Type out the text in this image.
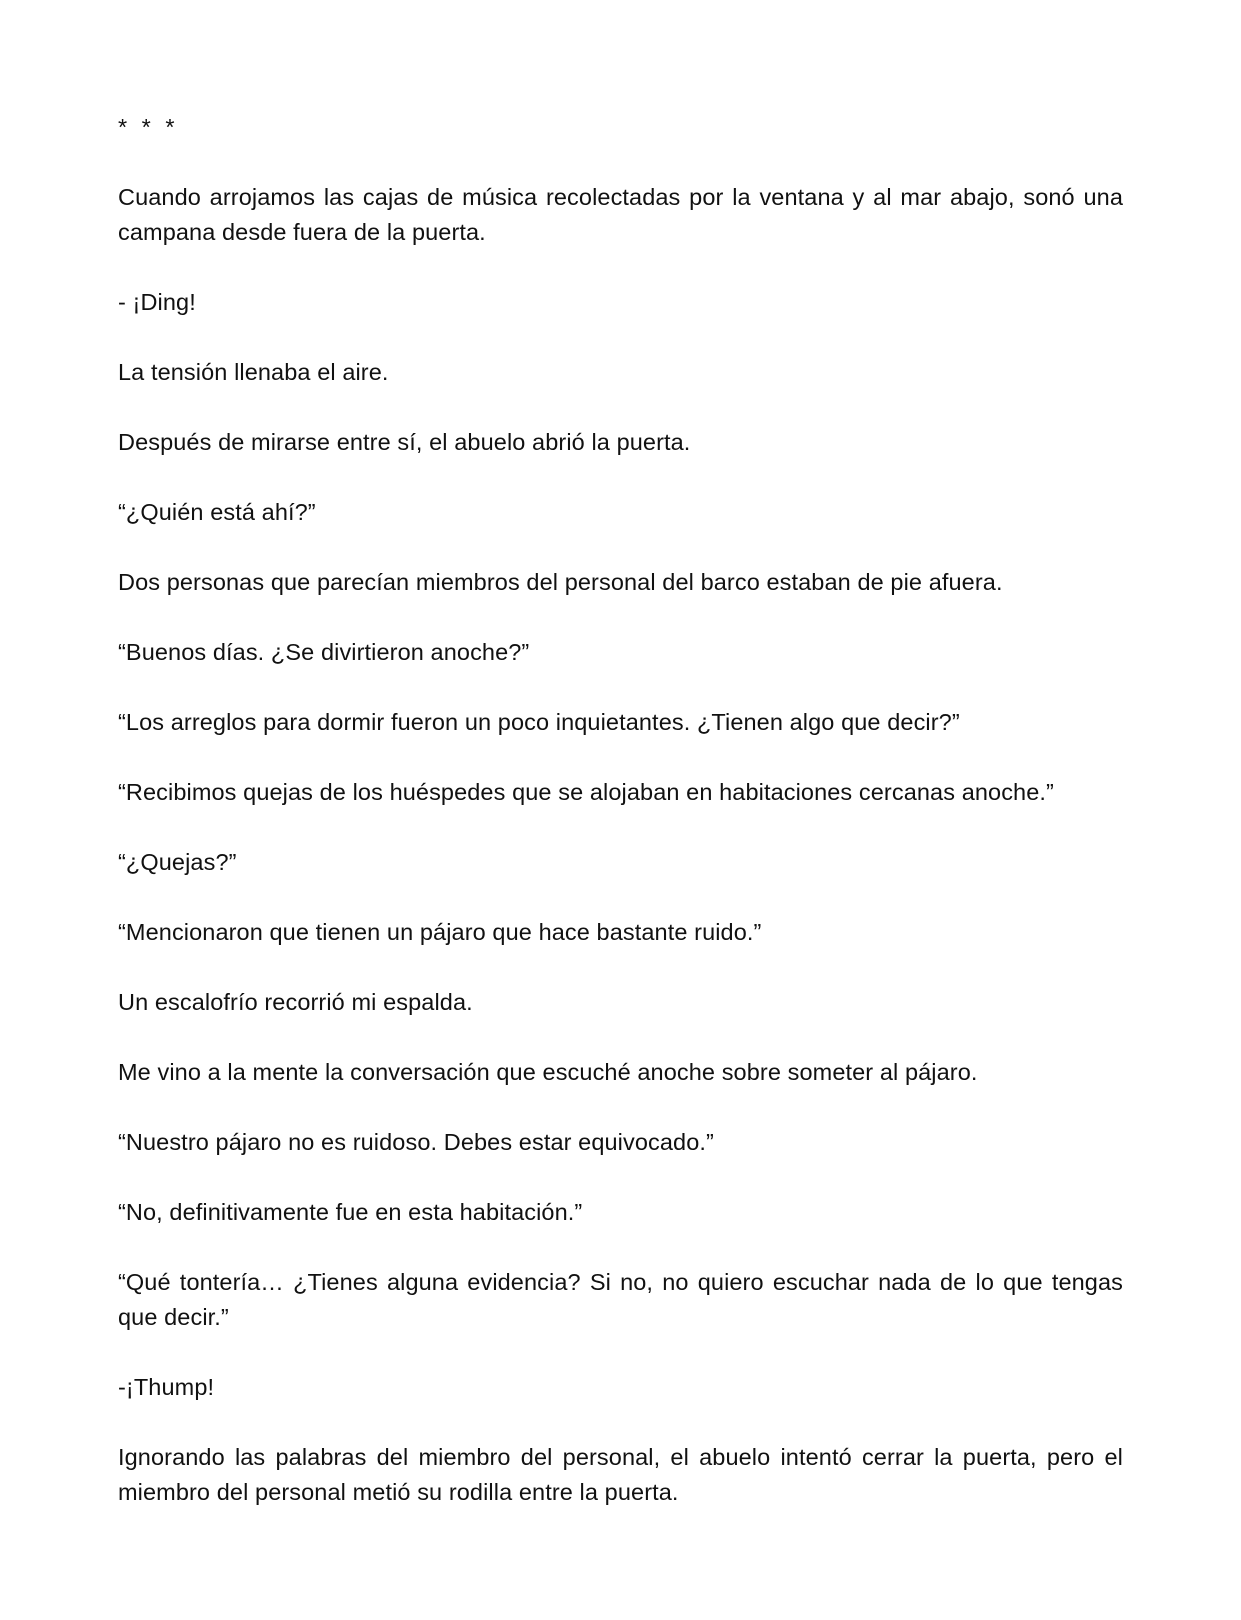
* * *

Cuando arrojamos las cajas de música recolectadas por la ventana y al mar abajo, sonó una campana desde fuera de la puerta.

- ¡Ding!

La tensión llenaba el aire.

Después de mirarse entre sí, el abuelo abrió la puerta.

“¿Quién está ahí?”

Dos personas que parecían miembros del personal del barco estaban de pie afuera.

“Buenos días. ¿Se divirtieron anoche?”

“Los arreglos para dormir fueron un poco inquietantes. ¿Tienen algo que decir?”

“Recibimos quejas de los huéspedes que se alojaban en habitaciones cercanas anoche.”

“¿Quejas?”

“Mencionaron que tienen un pájaro que hace bastante ruido.”

Un escalofrío recorrió mi espalda.

Me vino a la mente la conversación que escuché anoche sobre someter al pájaro.

“Nuestro pájaro no es ruidoso. Debes estar equivocado.”

“No, definitivamente fue en esta habitación.”

“Qué tontería… ¿Tienes alguna evidencia? Si no, no quiero escuchar nada de lo que tengas que decir.”

-¡Thump!

Ignorando las palabras del miembro del personal, el abuelo intentó cerrar la puerta, pero el miembro del personal metió su rodilla entre la puerta.
